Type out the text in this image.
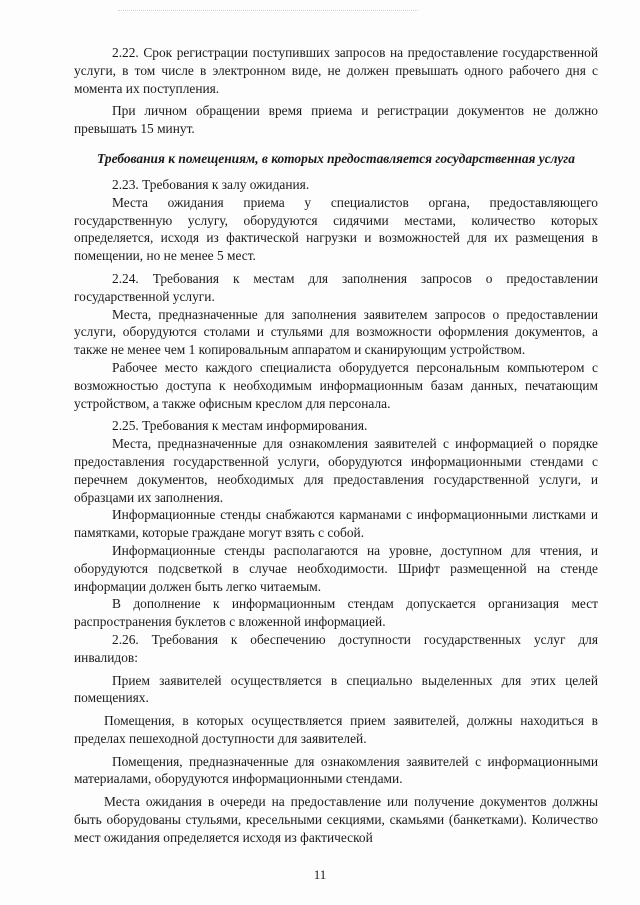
2.22. Срок регистрации поступивших запросов на предоставление государственной услуги, в том числе в электронном виде, не должен превышать одного рабочего дня с момента их поступления.

При личном обращении время приема и регистрации документов не должно превышать 15 минут.

Требования к помещениям, в которых предоставляется государственная услуга

2.23. Требования к залу ожидания.

Места ожидания приема у специалистов органа, предоставляющего государственную услугу, оборудуются сидячими местами, количество которых определяется, исходя из фактической нагрузки и возможностей для их размещения в помещении, но не менее 5 мест.

2.24. Требования к местам для заполнения запросов о предоставлении государственной услуги.

Места, предназначенные для заполнения заявителем запросов о предоставлении услуги, оборудуются столами и стульями для возможности оформления документов, а также не менее чем 1 копировальным аппаратом и сканирующим устройством.

Рабочее место каждого специалиста оборудуется персональным компьютером с возможностью доступа к необходимым информационным базам данных, печатающим устройством, а также офисным креслом для персонала.

2.25. Требования к местам информирования.

Места, предназначенные для ознакомления заявителей с информацией о порядке предоставления государственной услуги, оборудуются информационными стендами с перечнем документов, необходимых для предоставления государственной услуги, и образцами их заполнения.

Информационные стенды снабжаются карманами с информационными листками и памятками, которые граждане могут взять с собой.

Информационные стенды располагаются на уровне, доступном для чтения, и оборудуются подсветкой в случае необходимости. Шрифт размещенной на стенде информации должен быть легко читаемым.

В дополнение к информационным стендам допускается организация мест распространения буклетов с вложенной информацией.

2.26. Требования к обеспечению доступности государственных услуг для инвалидов:

Прием заявителей осуществляется в специально выделенных для этих целей помещениях.

Помещения, в которых осуществляется прием заявителей, должны находиться в пределах пешеходной доступности для заявителей.

Помещения, предназначенные для ознакомления заявителей с информационными материалами, оборудуются информационными стендами.

Места ожидания в очереди на предоставление или получение документов должны быть оборудованы стульями, кресельными секциями, скамьями (банкетками). Количество мест ожидания определяется исходя из фактической

11
